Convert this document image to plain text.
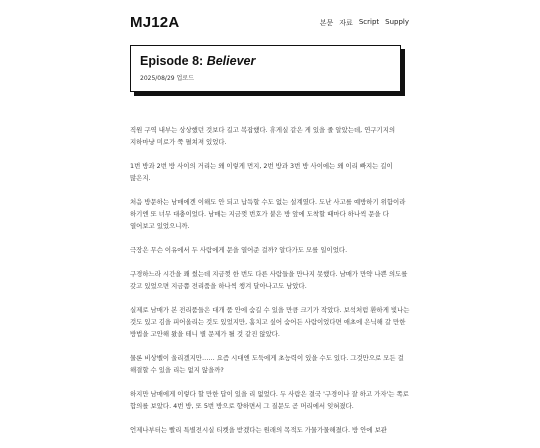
MJ12A	본문 자료 Script Supply
Episode 8: Believer
2025/08/29 업로드

직원 구역 내부는 상상했던 것보다 길고 복잡했다. 휴게실 같은 게 있을 줄 알았는데, 연구기지의 지하마냥 미로가 쭉 펼쳐져 있었다.

1번 방과 2번 방 사이의 거리는 왜 이렇게 먼지, 2번 방과 3번 방 사이에는 왜 이리 빠지는 길이 많은지.

처음 방문하는 남매에겐 이해도 안 되고 납득할 수도 없는 설계였다. 도난 사고를 예방하기 위함이라 하기엔 또 너무 대충이었다. 남매는 지금껏 번호가 붙은 방 앞에 도착할 때마다 하나씩 문을 다 열어보고 있었으니까.

극장은 무슨 이유에서 두 사람에게 문을 열어준 걸까? 알다가도 모를 일이었다.

구경하느라 시간을 꽤 썼는데 지금껏 한 번도 다른 사람들을 만나지 못했다. 남매가 만약 나쁜 의도를 갖고 있었으면 지금쯤 전리품을 하나씩 챙겨 달아나고도 남았다.

실제로 남매가 본 전리품들은 대개 품 안에 숨길 수 있을 만큼 크기가 작았다. 보석처럼 환하게 빛나는 것도 있고 김을 피어올리는 것도 있었지만, 훔치고 싶어 숨어든 사람이었다면 애초에 은닉해 갈 만한 방법을 고안해 왔을 테니 별 문제가 될 것 같진 않았다.

물론 비상벨이 울리겠지만…… 요즘 시대엔 도둑에게 초능력이 있을 수도 있다. 그것만으로 모든 걸 해결할 수 있을 리는 없지 않을까?

하지만 남매에게 이렇다 할 만한 답이 있을 리 없었다. 두 사람은 결국 '구경이나 잘 하고 가자'는 쪽로 합의를 보았다. 4번 방, 또 5번 방으로 향하면서 그 질문도 곧 머리에서 잊혀졌다.

언제나부터는 빨리 특별전시실 티켓을 받겠다는 원래의 목적도 가물가물해졌다. 방 안에 보관
